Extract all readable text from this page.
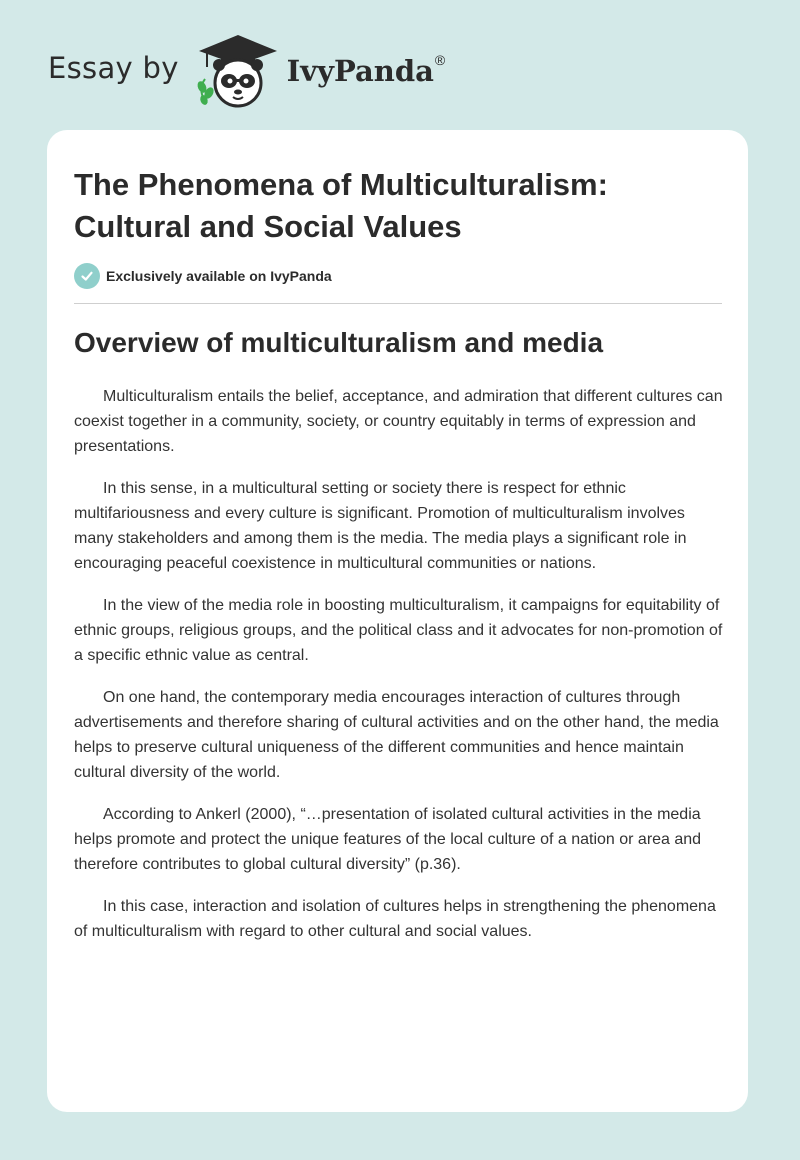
Essay by	IvyPanda®
The Phenomena of Multiculturalism: Cultural and Social Values
Exclusively available on IvyPanda
Overview of multiculturalism and media

Multiculturalism entails the belief, acceptance, and admiration that different cultures can coexist together in a community, society, or country equitably in terms of expression and presentations.

In this sense, in a multicultural setting or society there is respect for ethnic multifariousness and every culture is significant. Promotion of multiculturalism involves many stakeholders and among them is the media. The media plays a significant role in encouraging peaceful coexistence in multicultural communities or nations.

In the view of the media role in boosting multiculturalism, it campaigns for equitability of ethnic groups, religious groups, and the political class and it advocates for non-promotion of a specific ethnic value as central.

On one hand, the contemporary media encourages interaction of cultures through advertisements and therefore sharing of cultural activities and on the other hand, the media helps to preserve cultural uniqueness of the different communities and hence maintain cultural diversity of the world.

According to Ankerl (2000), “…presentation of isolated cultural activities in the media helps promote and protect the unique features of the local culture of a nation or area and therefore contributes to global cultural diversity” (p.36).

In this case, interaction and isolation of cultures helps in strengthening the phenomena of multiculturalism with regard to other cultural and social values.
